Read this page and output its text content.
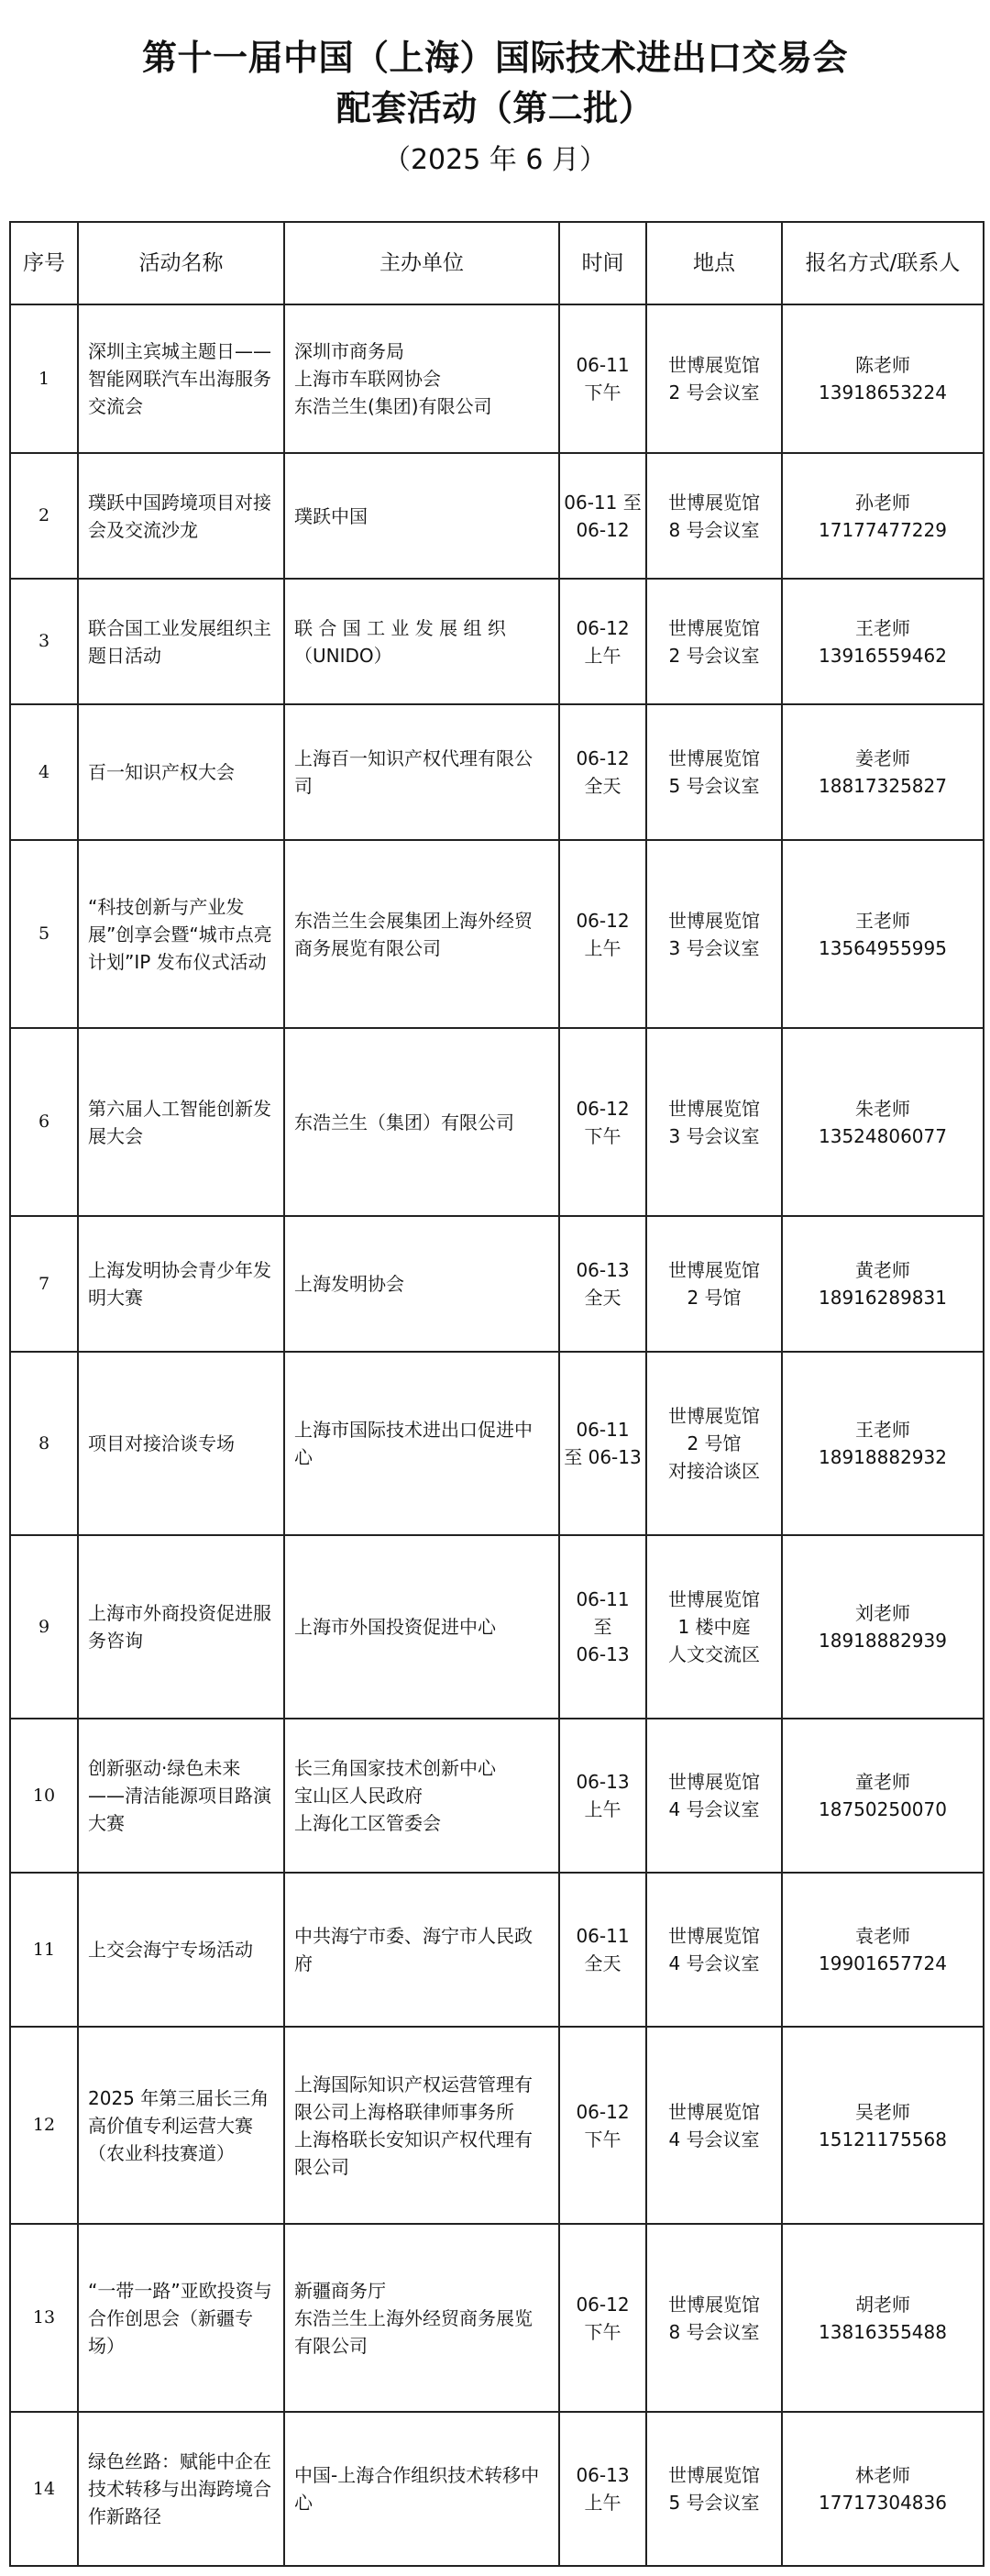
第十一届中国（上海）国际技术进出口交易会
配套活动（第二批）
（2025 年 6 月）
序号	活动名称	主办单位	时间	地点	报名方式/联系人
1	深圳主宾城主题日——智能网联汽车出海服务交流会	深圳市商务局
上海市车联网协会
东浩兰生(集团)有限公司	06-11
下午	世博展览馆
2 号会议室	陈老师
13918653224

2	璞跃中国跨境项目对接会及交流沙龙	璞跃中国	06-11 至
06-12	世博展览馆
8 号会议室	孙老师
17177477229

3	联合国工业发展组织主题日活动	联 合 国 工 业 发 展 组 织（UNIDO）	06-12
上午	世博展览馆
2 号会议室	王老师
13916559462

4	百一知识产权大会	上海百一知识产权代理有限公司	06-12
全天	世博展览馆
5 号会议室	姜老师
18817325827

5	“科技创新与产业发展”创享会暨“城市点亮计划”IP 发布仪式活动	东浩兰生会展集团上海外经贸商务展览有限公司	06-12
上午	世博展览馆
3 号会议室	王老师
13564955995

6	第六届人工智能创新发展大会	东浩兰生（集团）有限公司	06-12
下午	世博展览馆
3 号会议室	朱老师
13524806077

7	上海发明协会青少年发明大赛	上海发明协会	06-13
全天	世博展览馆
2 号馆	黄老师
18916289831

8	项目对接洽谈专场	上海市国际技术进出口促进中心	06-11
至 06-13	世博展览馆
2 号馆
对接洽谈区	王老师
18918882932

9	上海市外商投资促进服务咨询	上海市外国投资促进中心	06-11
至
06-13	世博展览馆
1 楼中庭
人文交流区	刘老师
18918882939

10	创新驱动·绿色未来——清洁能源项目路演大赛	长三角国家技术创新中心
宝山区人民政府
上海化工区管委会	06-13
上午	世博展览馆
4 号会议室	童老师
18750250070

11	上交会海宁专场活动	中共海宁市委、海宁市人民政府	06-11
全天	世博展览馆
4 号会议室	袁老师
19901657724

12	2025 年第三届长三角高价值专利运营大赛（农业科技赛道）	上海国际知识产权运营管理有限公司上海格联律师事务所
上海格联长安知识产权代理有限公司	06-12
下午	世博展览馆
4 号会议室	吴老师
15121175568

13	“一带一路”亚欧投资与合作创思会（新疆专场）	新疆商务厅
东浩兰生上海外经贸商务展览有限公司	06-12
下午	世博展览馆
8 号会议室	胡老师
13816355488

14	绿色丝路：赋能中企在技术转移与出海跨境合作新路径	中国-上海合作组织技术转移中心	06-13
上午	世博展览馆
5 号会议室	林老师
17717304836
